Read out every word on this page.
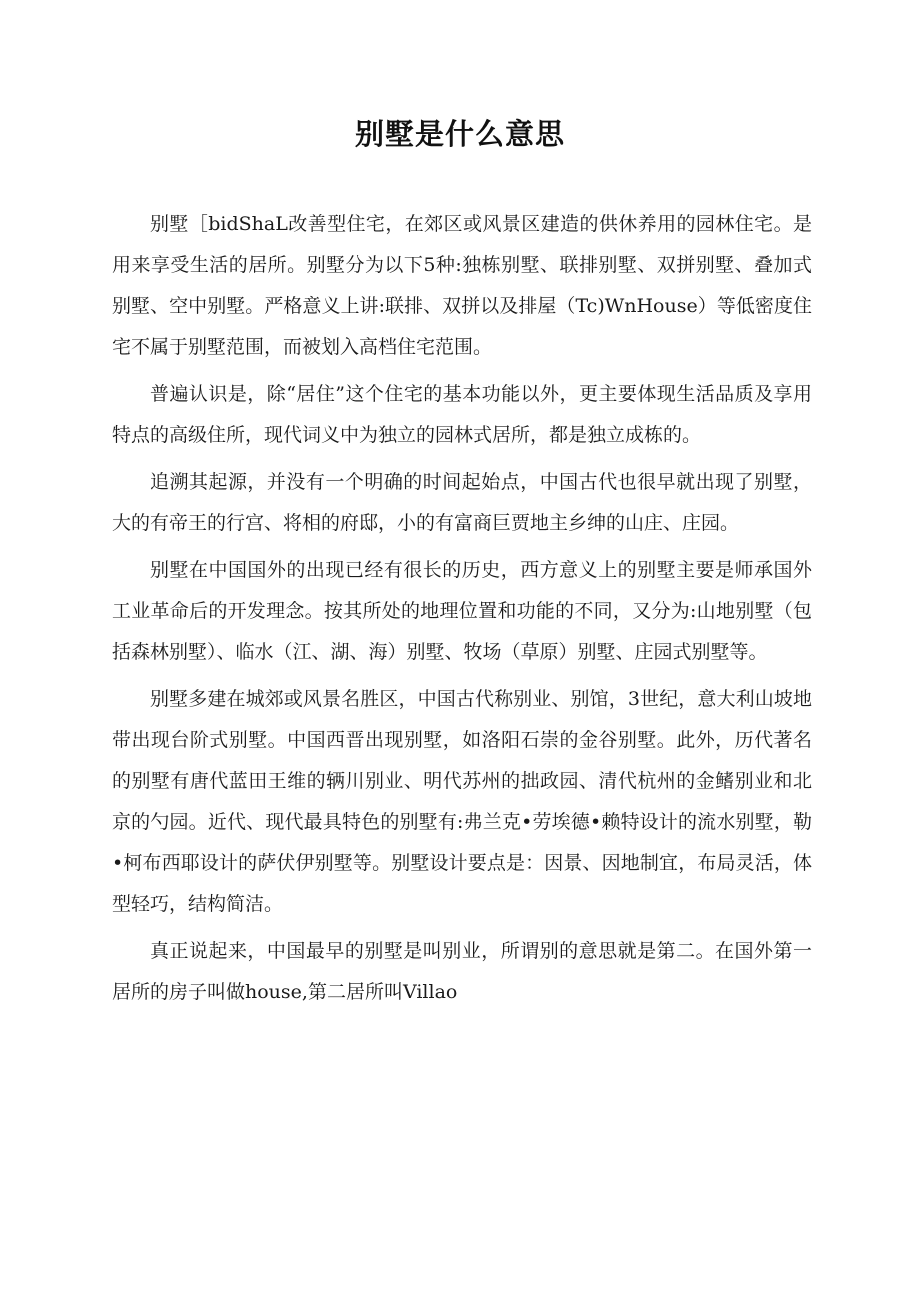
别墅是什么意思

别墅［bidShaL改善型住宅，在郊区或风景区建造的供休养用的园林住宅。是用来享受生活的居所。别墅分为以下5种:独栋别墅、联排别墅、双拼别墅、叠加式别墅、空中别墅。严格意义上讲:联排、双拼以及排屋（Tc)WnHouse）等低密度住宅不属于别墅范围，而被划入高档住宅范围。

普遍认识是，除“居住”这个住宅的基本功能以外，更主要体现生活品质及享用特点的高级住所，现代词义中为独立的园林式居所，都是独立成栋的。

追溯其起源，并没有一个明确的时间起始点，中国古代也很早就出现了别墅，大的有帝王的行宫、将相的府邸，小的有富商巨贾地主乡绅的山庄、庄园。

别墅在中国国外的出现已经有很长的历史，西方意义上的别墅主要是师承国外工业革命后的开发理念。按其所处的地理位置和功能的不同，又分为:山地别墅（包括森林别墅）、临水（江、湖、海）别墅、牧场（草原）别墅、庄园式别墅等。

别墅多建在城郊或风景名胜区，中国古代称别业、别馆，3世纪，意大利山坡地带出现台阶式别墅。中国西晋出现别墅，如洛阳石崇的金谷别墅。此外，历代著名的别墅有唐代蓝田王维的辆川别业、明代苏州的拙政园、清代杭州的金鳍别业和北京的勺园。近代、现代最具特色的别墅有:弗兰克•劳埃德•赖特设计的流水别墅，勒•柯布西耶设计的萨伏伊别墅等。别墅设计要点是：因景、因地制宜，布局灵活，体型轻巧，结构简洁。

真正说起来，中国最早的别墅是叫别业，所谓别的意思就是第二。在国外第一居所的房子叫做house,第二居所叫Villao
